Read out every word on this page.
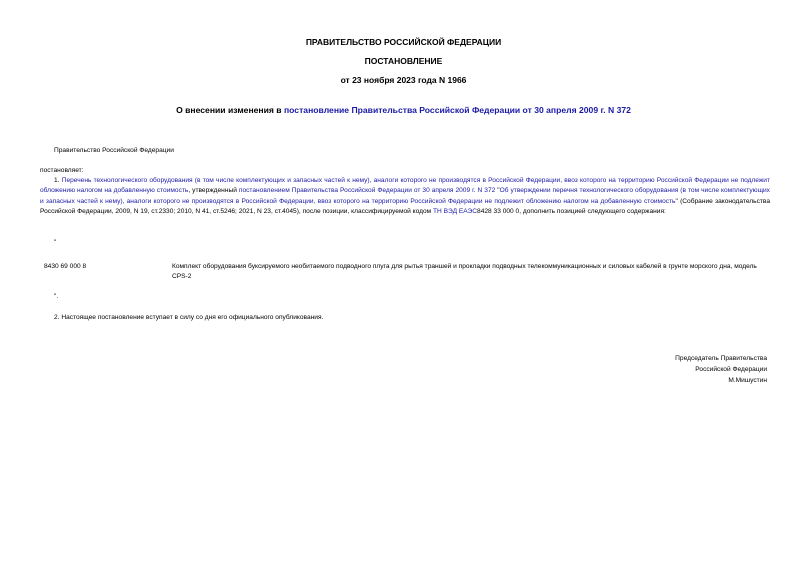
ПРАВИТЕЛЬСТВО РОССИЙСКОЙ ФЕДЕРАЦИИ
ПОСТАНОВЛЕНИЕ
от 23 ноября 2023 года N 1966
О внесении изменения в постановление Правительства Российской Федерации от 30 апреля 2009 г. N 372
Правительство Российской Федерации
постановляет:
1. Перечень технологического оборудования (в том числе комплектующих и запасных частей к нему), аналоги которого не производятся в Российской Федерации, ввоз которого на территорию Российской Федерации не подлежит обложению налогом на добавленную стоимость, утвержденный постановлением Правительства Российской Федерации от 30 апреля 2009 г. N 372 "Об утверждении перечня технологического оборудования (в том числе комплектующих и запасных частей к нему), аналоги которого не производятся в Российской Федерации, ввоз которого на территорию Российской Федерации не подлежит обложению налогом на добавленную стоимость" (Собрание законодательства Российской Федерации, 2009, N 19, ст.2330; 2010, N 41, ст.5246; 2021, N 23, ст.4045), после позиции, классифицируемой кодом ТН ВЭД ЕАЭС8428 33 000 0, дополнить позицией следующего содержания:
"
8430 69 000 8	Комплект оборудования буксируемого необитаемого подводного плуга для рытья траншей и прокладки подводных телекоммуникационных и силовых кабелей в грунте морского дна, модель CPS-2
".
2. Настоящее постановление вступает в силу со дня его официального опубликования.
Председатель Правительства
Российской Федерации
М.Мишустин
